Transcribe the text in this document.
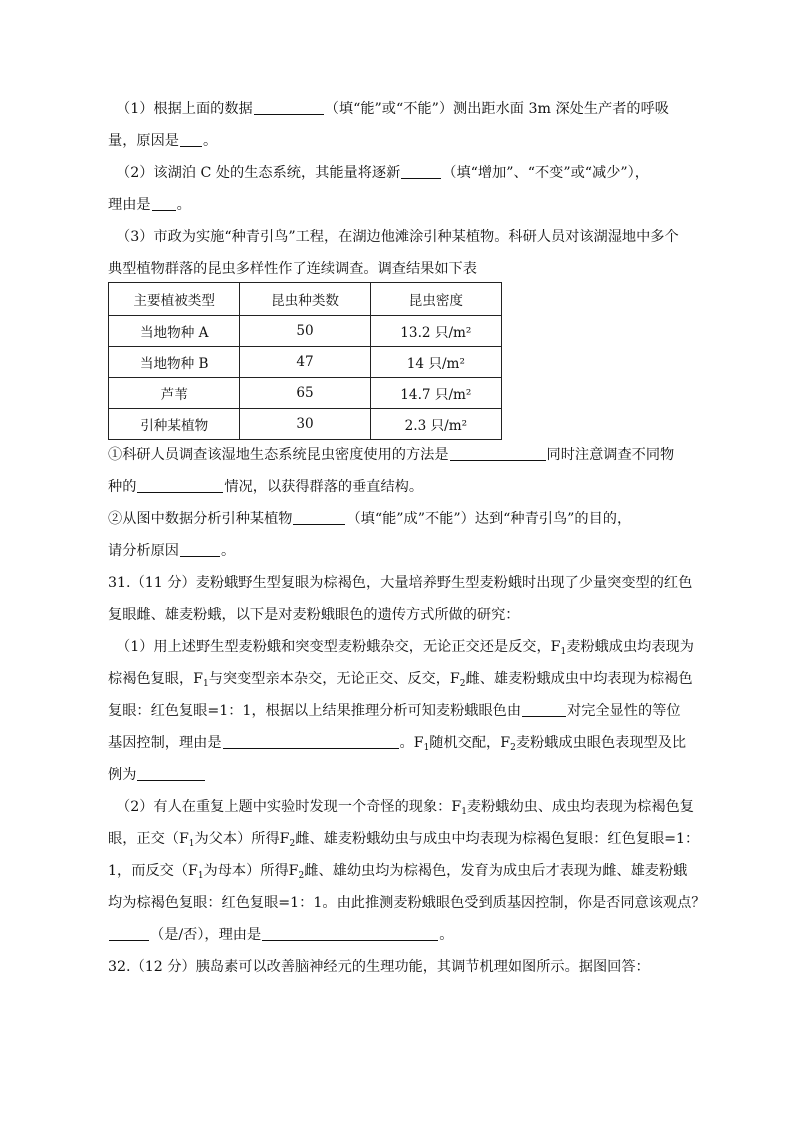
（1）根据上面的数据	（填“能”或“不能”）测出距水面 3m 深处生产者的呼吸
量，原因是 。
（2）该湖泊 C 处的生态系统，其能量将逐新	（填“增加”、“不变”或“减少”），
理由是 。
（3）市政为实施“种青引鸟”工程，在湖边他滩涂引种某植物。科研人员对该湖湿地中多个
典型植物群落的昆虫多样性作了连续调查。调查结果如下表
主要植被类型	昆虫种类数	昆虫密度
当地物种 A	50	13.2 只/m²
当地物种 B	47	14 只/m²
芦苇	65	14.7 只/m²
引种某植物	30	2.3 只/m²
①科研人员调查该湿地生态系统昆虫密度使用的方法是	同时注意调查不同物
种的	情况，以获得群落的垂直结构。
②从图中数据分析引种某植物	（填“能”成”不能”）达到“种青引鸟”的目的，
请分析原因	。
31.（11 分）麦粉蛾野生型复眼为棕褐色，大量培养野生型麦粉蛾时出现了少量突变型的红色
复眼雌、雄麦粉蛾，以下是对麦粉蛾眼色的遗传方式所做的研究：
（1）用上述野生型麦粉蛾和突变型麦粉蛾杂交，无论正交还是反交，$F_1$麦粉蛾成虫均表现为
棕褐色复眼，$F_1$与突变型亲本杂交，无论正交、反交，$F_2$雌、雄麦粉蛾成虫中均表现为棕褐色
复眼：红色复眼=1：1，根据以上结果推理分析可知麦粉蛾眼色由	对完全显性的等位
基因控制，理由是	。$F_1$随机交配，$F_2$麦粉蛾成虫眼色表现型及比
例为
（2）有人在重复上题中实验时发现一个奇怪的现象：$F_1$麦粉蛾幼虫、成虫均表现为棕褐色复
眼，正交（$F_1$为父本）所得$F_2$雌、雄麦粉蛾幼虫与成虫中均表现为棕褐色复眼：红色复眼=1：
1，而反交（$F_1$为母本）所得$F_2$雌、雄幼虫均为棕褐色，发育为成虫后才表现为雌、雄麦粉蛾
均为棕褐色复眼：红色复眼=1：1。由此推测麦粉蛾眼色受到质基因控制，你是否同意该观点？
（是/否），理由是	。
32.（12 分）胰岛素可以改善脑神经元的生理功能，其调节机理如图所示。据图回答：
